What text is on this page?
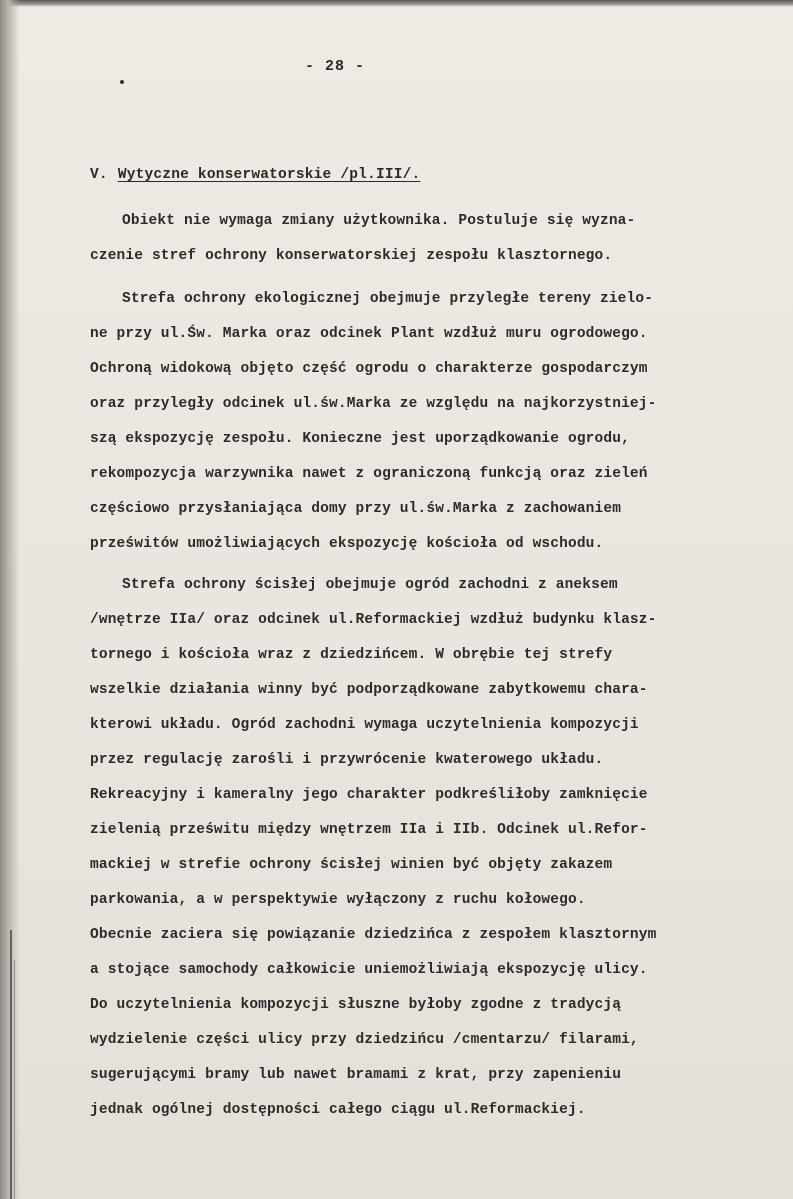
- 28 -
V. Wytyczne konserwatorskie /pl.III/.
Obiekt nie wymaga zmiany użytkownika. Postuluje się wyzna-
czenie stref ochrony konserwatorskiej zespołu klasztornego.
Strefa ochrony ekologicznej obejmuje przyległe tereny zielo-
ne przy ul.Św. Marka oraz odcinek Plant wzdłuż muru ogrodowego.
Ochroną widokową objęto część ogrodu o charakterze gospodarczym
oraz przyległy odcinek ul.św.Marka ze względu na najkorzystniej-
szą ekspozycję zespołu. Konieczne jest uporządkowanie ogrodu,
rekompozycja warzywnika nawet z ograniczoną funkcją oraz zieleń
częściowo przysłaniająca domy przy ul.św.Marka z zachowaniem
prześwitów umożliwiających ekspozycję kościoła od wschodu.
Strefa ochrony ścisłej obejmuje ogród zachodni z aneksem
/wnętrze IIa/ oraz odcinek ul.Reformackiej wzdłuż budynku klasz-
tornego i kościoła wraz z dziedzińcem. W obrębie tej strefy
wszelkie działania winny być podporządkowane zabytkowemu chara-
kterowi układu. Ogród zachodni wymaga uczytelnienia kompozycji
przez regulację zarośli i przywrócenie kwaterowego układu.
Rekreacyjny i kameralny jego charakter podkreśliłoby zamknięcie
zielenią prześwitu między wnętrzem IIa i IIb. Odcinek ul.Refor-
mackiej w strefie ochrony ścisłej winien być objęty zakazem
parkowania, a w perspektywie wyłączony z ruchu kołowego.
Obecnie zaciera się powiązanie dziedzińca z zespołem klasztornym
a stojące samochody całkowicie uniemożliwiają ekspozycję ulicy.
Do uczytelnienia kompozycji słuszne byłoby zgodne z tradycją
wydzielenie części ulicy przy dziedzińcu /cmentarzu/ filarami,
sugerującymi bramy lub nawet bramami z krat, przy zapenieniu
jednak ogólnej dostępności całego ciągu ul.Reformackiej.
